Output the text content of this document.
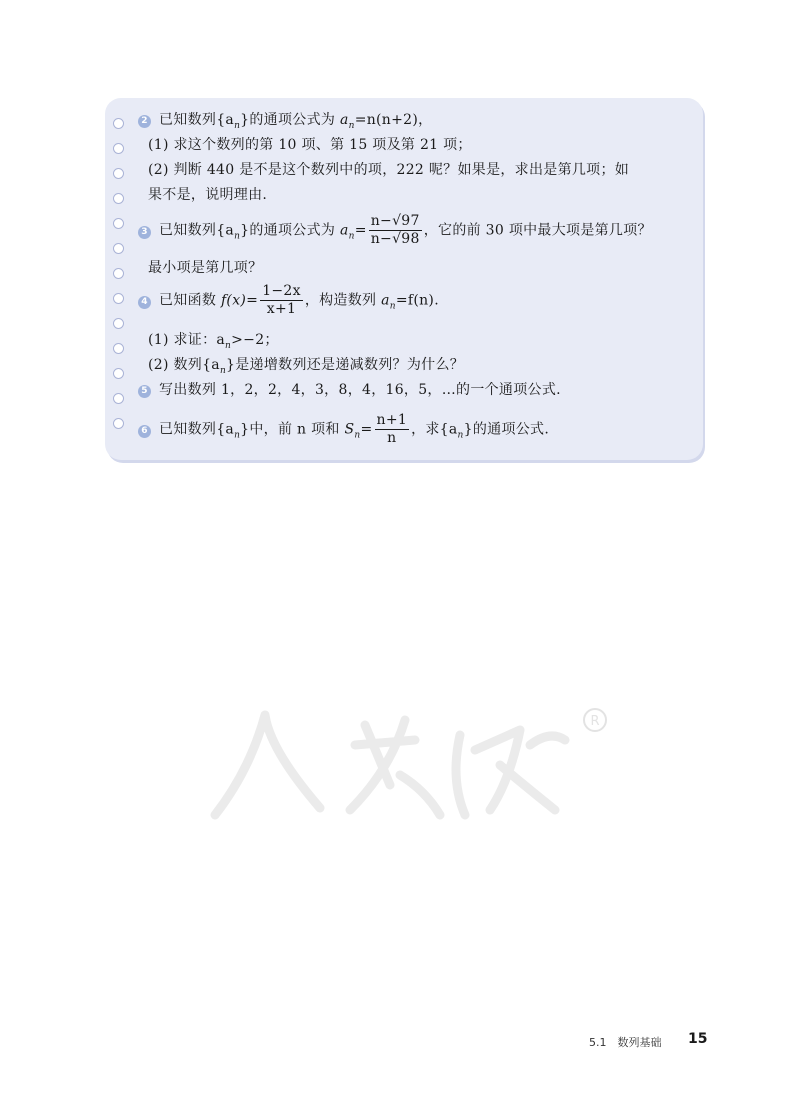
2 已知数列$\{a_n\}$的通项公式为 $a_n=n(n+2)$，
(1) 求这个数列的第 10 项、第 15 项及第 21 项；
(2) 判断 440 是不是这个数列中的项，222 呢？如果是，求出是第几项；如
果不是，说明理由.
3 已知数列$\{a_n\}$的通项公式为 $a_n= \frac{n-√97}{n-√98}$ ，它的前 30 项中最大项是第几项？
最小项是第几项？
4 已知函数 $f(x)= \frac{1-2x}{x+1}$ ，构造数列 $a_n=f(n)$.
(1) 求证：$a_n>-2$；
(2) 数列$\{a_n\}$是递增数列还是递减数列？为什么？
5 写出数列 1，2，2，4，3，8，4，16，5，…的一个通项公式.
6 已知数列$\{a_n\}$中，前 n 项和 $S_n= \frac{n+1}{n}$ ，求$\{a_n\}$的通项公式.
R
5.1　数列基础 15
